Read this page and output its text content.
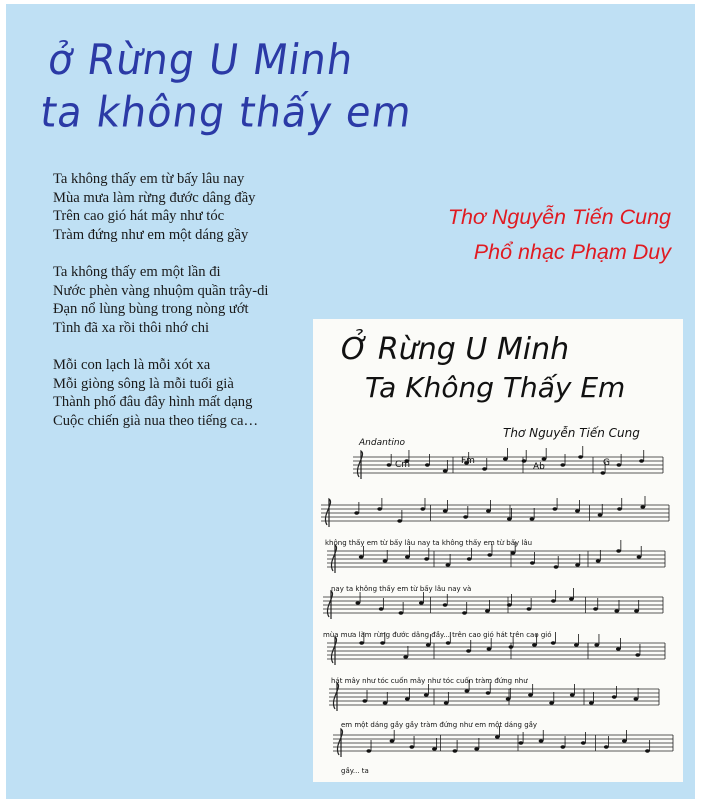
ở Rừng U Minh
ta không thấy em
Ta không thấy em từ bấy lâu nay
Mùa mưa làm rừng đước dâng đầy
Trên cao gió hát mây như tóc
Tràm đứng như em một dáng gầy
Ta không thấy em một lần đi
Nước phèn vàng nhuộm quần trây-di
Đạn nổ lùng bùng trong nòng ướt
Tình đã xa rồi thôi nhớ chi
Mỗi con lạch là mỗi xót xa
Mỗi giòng sông là mỗi tuổi già
Thành phố đâu đây hình mất dạng
Cuộc chiến già nua theo tiếng ca…
Thơ Nguyễn Tiến Cung
Phổ nhạc Phạm Duy
Ở Rừng U Minh
Ta Không Thấy Em
Thơ Nguyễn Tiến Cung
Andantino
Cm	Fm
Ab	G
không thấy em từ bấy lâu nay ta không thấy em từ bấy lâu
nay ta không thấy em từ bấy lâu nay và
mùa mưa làm rừng đước dâng đầy... trên cao gió hát trên cao gió
hát mây như tóc cuốn mây như tóc cuốn tràm đứng như
em một dáng gầy gầy tràm đứng như em một dáng gầy
gầy... ta
